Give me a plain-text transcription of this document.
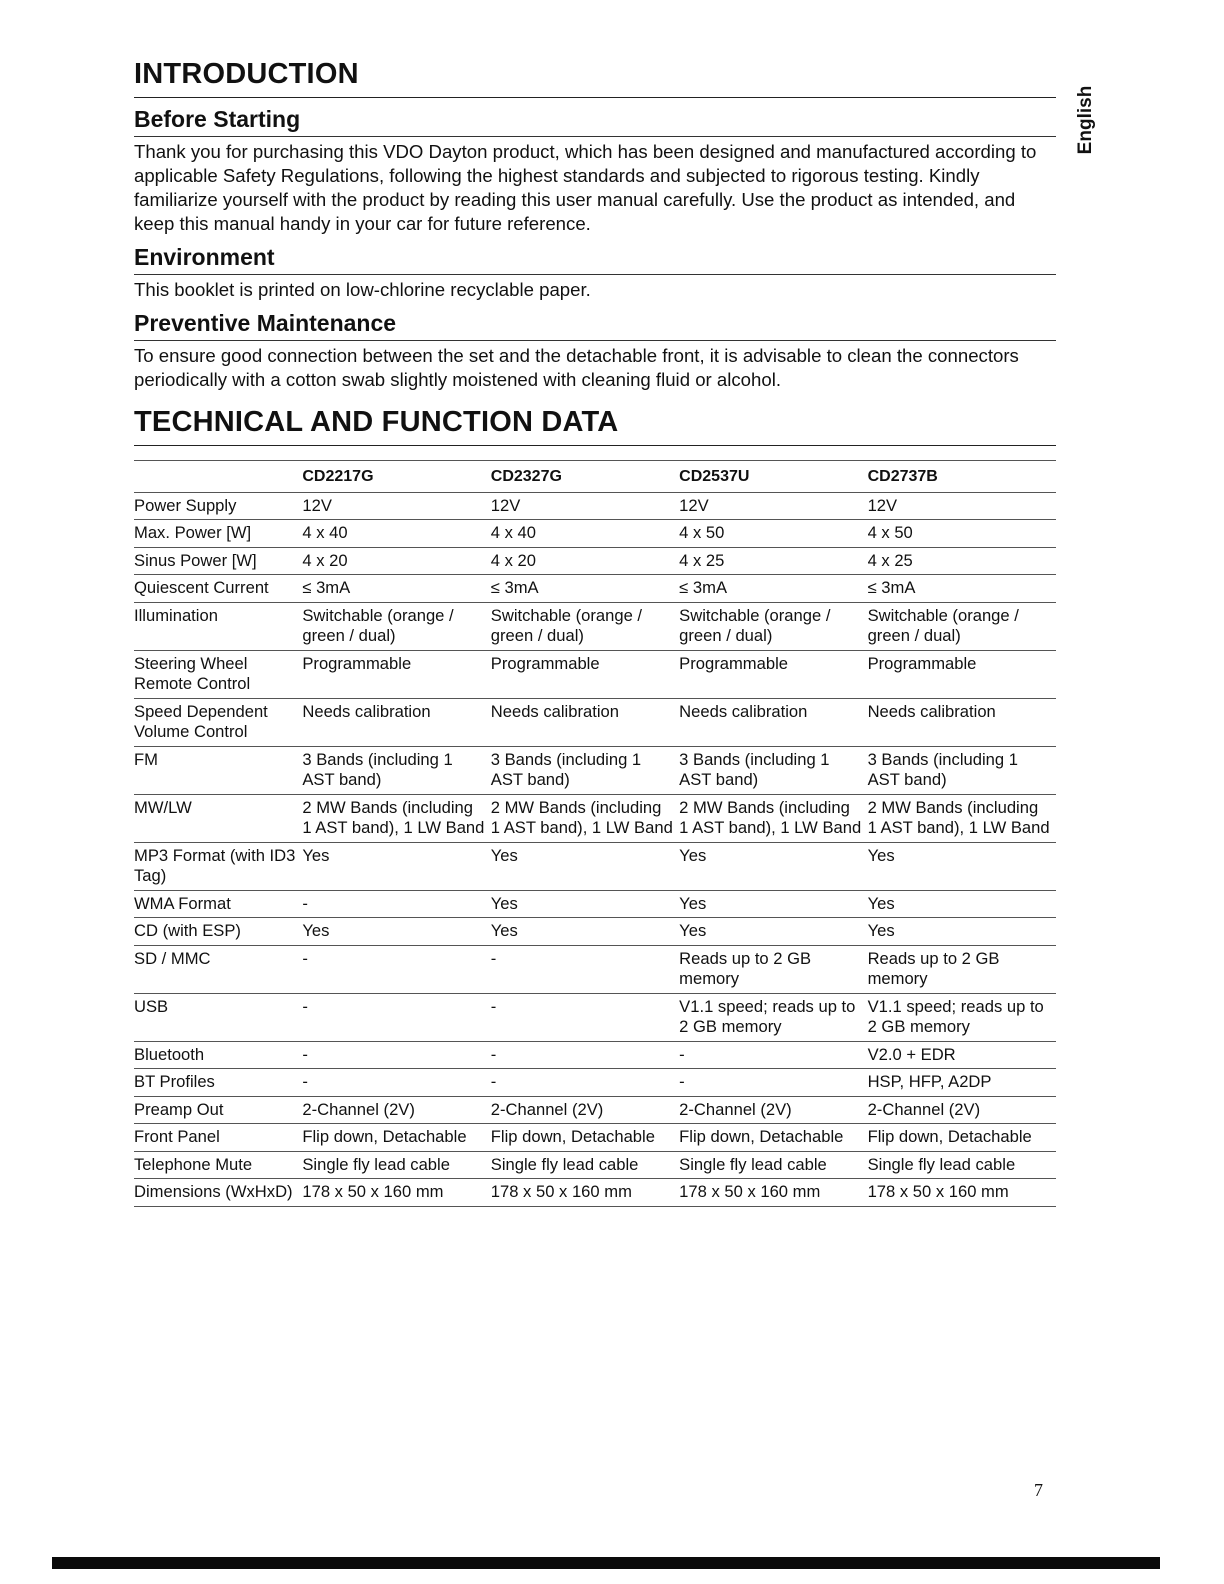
INTRODUCTION
Before Starting

Thank you for purchasing this VDO Dayton product, which has been designed and manufactured according to applicable Safety Regulations, following the highest standards and subjected to rigorous testing. Kindly familiarize yourself with the product by reading this user manual carefully. Use the product as intended, and keep this manual handy in your car for future reference.

Environment

This booklet is printed on low-chlorine recyclable paper.

Preventive Maintenance

To ensure good connection between the set and the detachable front, it is advisable to clean the connectors periodically with a cotton swab slightly moistened with cleaning fluid or alcohol.

TECHNICAL AND FUNCTION DATA
	CD2217G	CD2327G	CD2537U	CD2737B
Power Supply	12V	12V	12V	12V
Max. Power [W]	4 x 40	4 x 40	4 x 50	4 x 50
Sinus Power [W]	4 x 20	4 x 20	4 x 25	4 x 25
Quiescent Current	≤ 3mA	≤ 3mA	≤ 3mA	≤ 3mA
Illumination	Switchable (orange / green / dual)	Switchable (orange / green / dual)	Switchable (orange / green / dual)	Switchable (orange / green / dual)
Steering Wheel Remote Control	Programmable	Programmable	Programmable	Programmable
Speed Dependent Volume Control	Needs calibration	Needs calibration	Needs calibration	Needs calibration
FM	3 Bands (including 1 AST band)	3 Bands (including 1 AST band)	3 Bands (including 1 AST band)	3 Bands (including 1 AST band)
MW/LW	2 MW Bands (including 1 AST band), 1 LW Band	2 MW Bands (including 1 AST band), 1 LW Band	2 MW Bands (including 1 AST band), 1 LW Band	2 MW Bands (including 1 AST band), 1 LW Band
MP3 Format (with ID3 Tag)	Yes	Yes	Yes	Yes
WMA Format	-	Yes	Yes	Yes
CD (with ESP)	Yes	Yes	Yes	Yes
SD / MMC	-	-	Reads up to 2 GB memory	Reads up to 2 GB memory
USB	-	-	V1.1 speed; reads up to 2 GB memory	V1.1 speed; reads up to 2 GB memory
Bluetooth	-	-	-	V2.0 + EDR
BT Profiles	-	-	-	HSP, HFP, A2DP
Preamp Out	2-Channel (2V)	2-Channel (2V)	2-Channel (2V)	2-Channel (2V)
Front Panel	Flip down, Detachable	Flip down, Detachable	Flip down, Detachable	Flip down, Detachable
Telephone Mute	Single fly lead cable	Single fly lead cable	Single fly lead cable	Single fly lead cable
Dimensions (WxHxD)	178 x 50 x 160 mm	178 x 50 x 160 mm	178 x 50 x 160 mm	178 x 50 x 160 mm
English
7
